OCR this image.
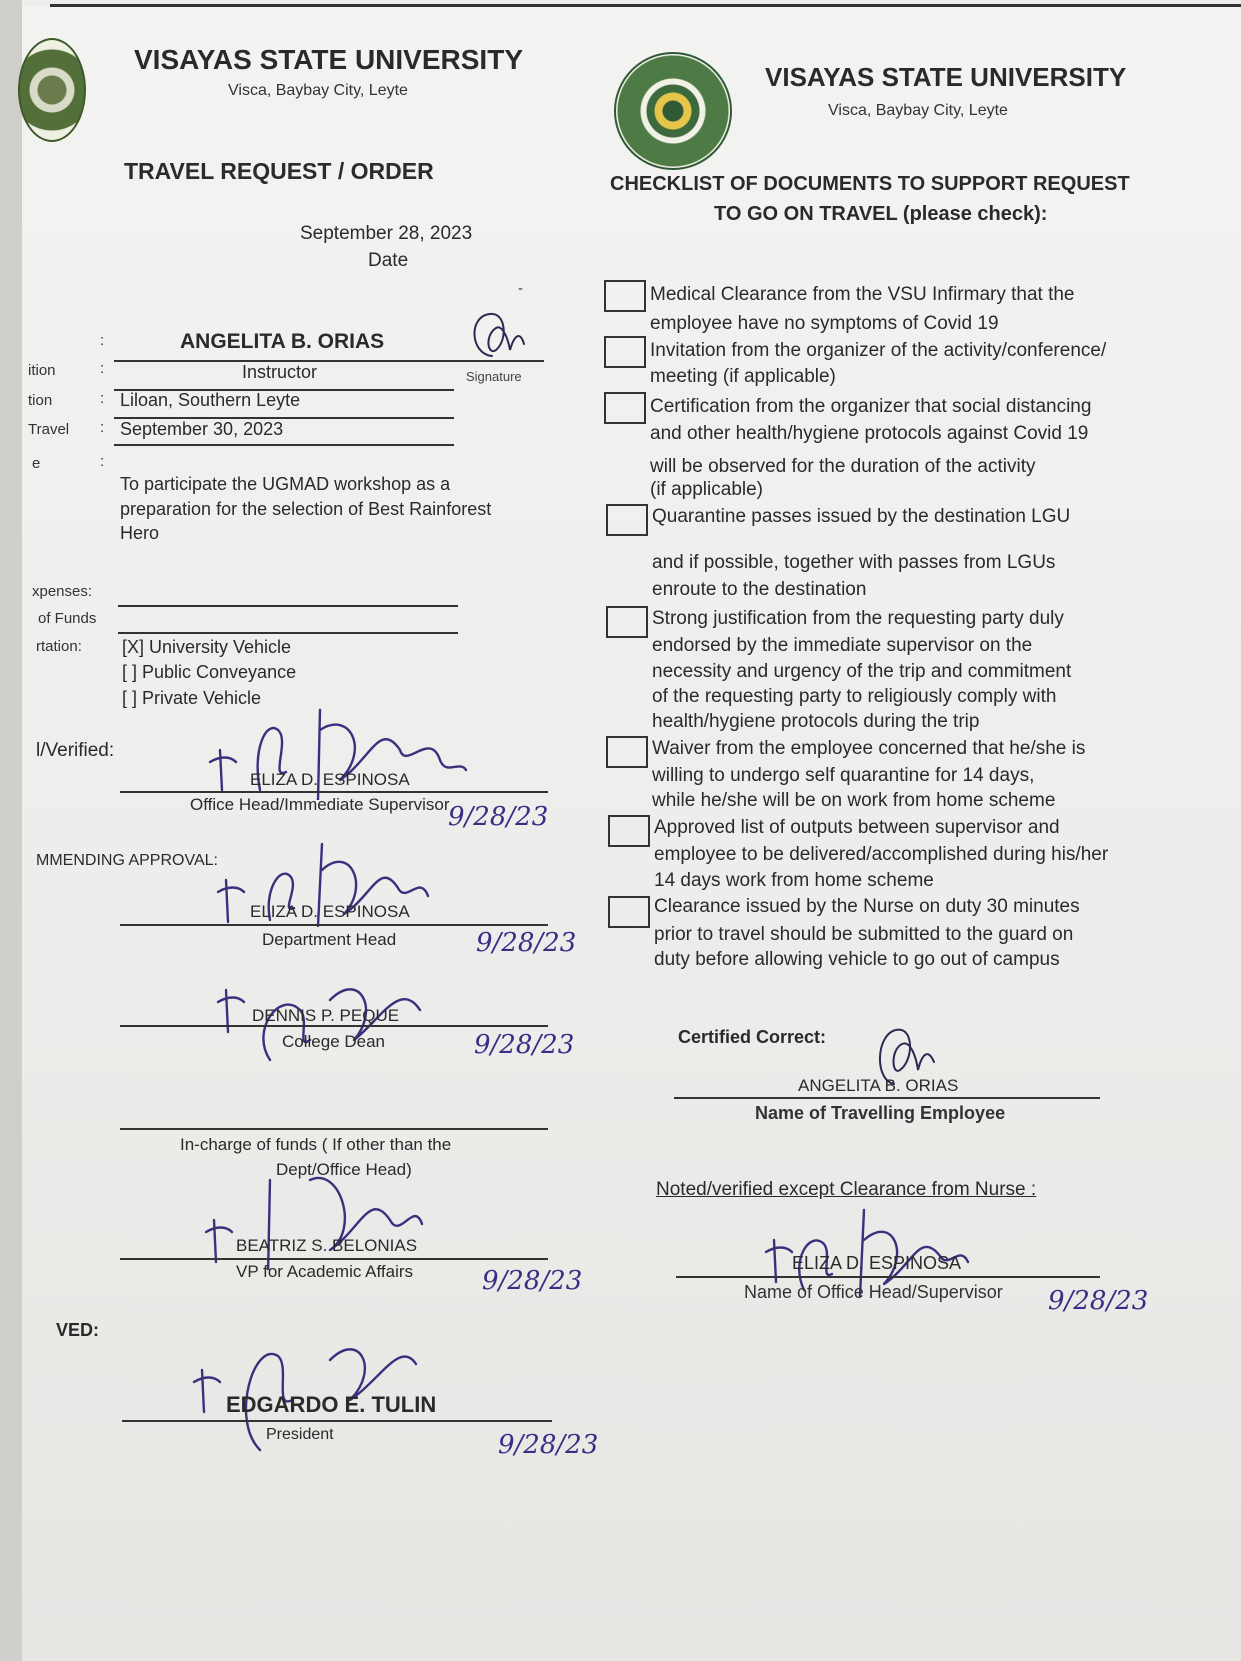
VISAYAS STATE UNIVERSITY
Visca, Baybay City, Leyte
TRAVEL REQUEST / ORDER
September 28, 2023
Date
-
:	ANGELITA B. ORIAS
Signature
ition	:	Instructor
tion	: Liloan, Southern Leyte
Travel : September 30, 2023
e	:
To participate the UGMAD workshop as a
preparation for the selection of Best Rainforest
Hero
xpenses:
of Funds
rtation: [X] University Vehicle
[ ] Public Conveyance
[ ] Private Vehicle
l/Verified:
ELIZA D. ESPINOSA
Office Head/Immediate Supervisor
9/28/23
MMENDING APPROVAL:
ELIZA D. ESPINOSA
Department Head	9/28/23
DENNIS P. PEQUE
College Dean	9/28/23
In-charge of funds ( If other than the
Dept/Office Head)
BEATRIZ S. BELONIAS
VP for Academic Affairs	9/28/23
VED:
EDGARDO E. TULIN
President	9/28/23
VISAYAS STATE UNIVERSITY
Visca, Baybay City, Leyte
CHECKLIST OF DOCUMENTS TO SUPPORT REQUEST
TO GO ON TRAVEL (please check):
Medical Clearance from the VSU Infirmary that the
employee have no symptoms of Covid 19
Invitation from the organizer of the activity/conference/
meeting (if applicable)
Certification from the organizer that social distancing
and other health/hygiene protocols against Covid 19
will be observed for the duration of the activity
(if applicable)
Quarantine passes issued by the destination LGU
and if possible, together with passes from LGUs
enroute to the destination
Strong justification from the requesting party duly
endorsed by the immediate supervisor on the
necessity and urgency of the trip and commitment
of the requesting party to religiously comply with
health/hygiene protocols during the trip
Waiver from the employee concerned that he/she is
willing to undergo self quarantine for 14 days,
while he/she will be on work from home scheme
Approved list of outputs between supervisor and
employee to be delivered/accomplished during his/her
14 days work from home scheme
Clearance issued by the Nurse on duty 30 minutes
prior to travel should be submitted to the guard on
duty before allowing vehicle to go out of campus
Certified Correct:
ANGELITA B. ORIAS
Name of Travelling Employee
Noted/verified except Clearance from Nurse :
ELIZA D. ESPINOSA
Name of Office Head/Supervisor 9/28/23
